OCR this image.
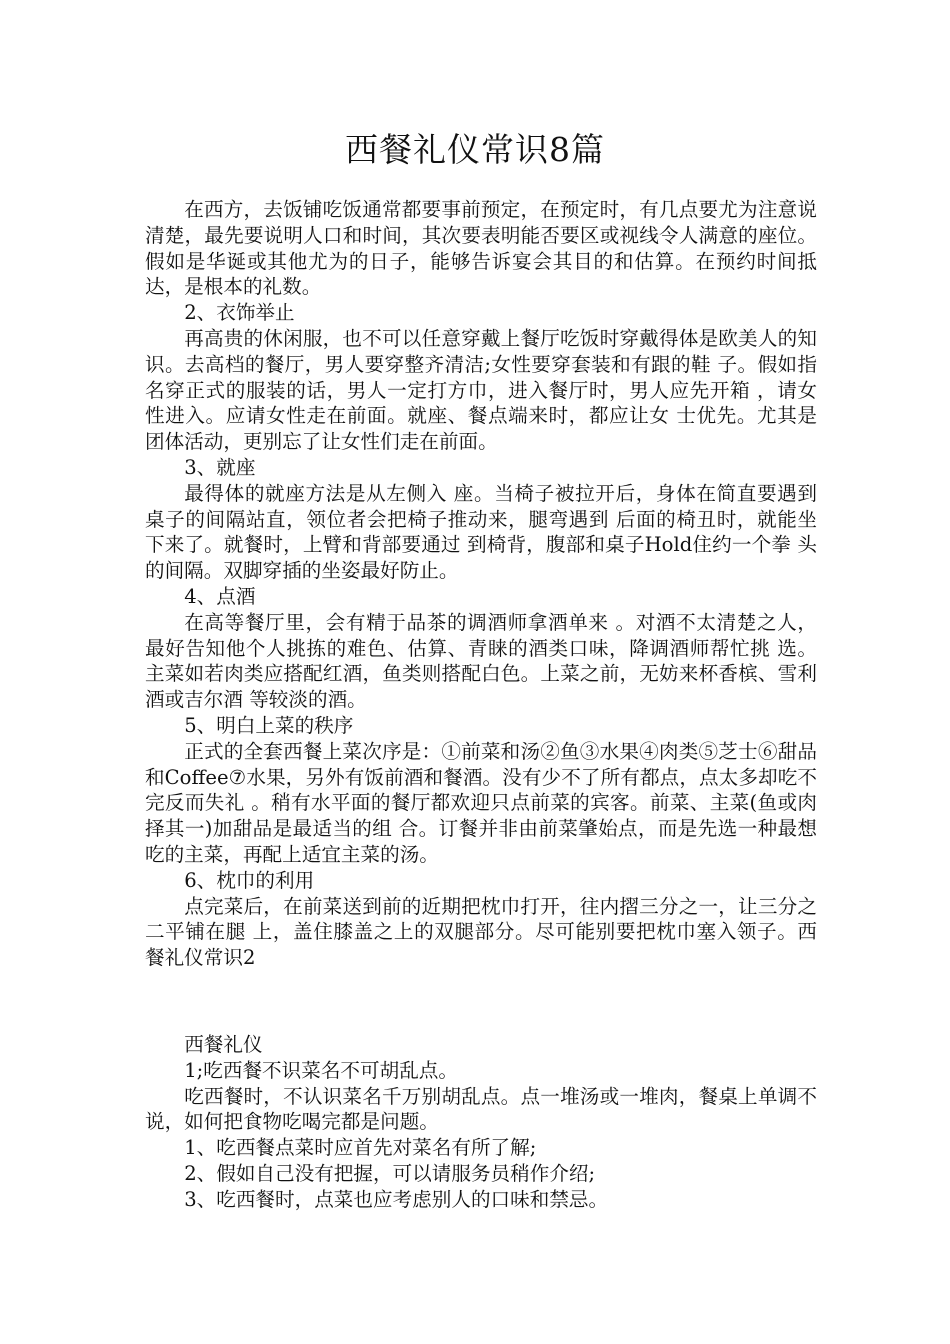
西餐礼仪常识8篇

在西方，去饭铺吃饭通常都要事前预定，在预定时，有几点要尤为注意说清楚，最先要说明人口和时间，其次要表明能否要区或视线令人满意的座位。假如是华诞或其他尤为的日子，能够告诉宴会其目的和估算。在预约时间抵达，是根本的礼数。

2、衣饰举止

再高贵的休闲服，也不可以任意穿戴上餐厅吃饭时穿戴得体是欧美人的知识。去高档的餐厅，男人要穿整齐清洁;女性要穿套装和有跟的鞋 子。假如指名穿正式的服装的话，男人一定打方巾，进入餐厅时，男人应先开箱 ，请女性进入。应请女性走在前面。就座、餐点端来时，都应让女 士优先。尤其是团体活动，更别忘了让女性们走在前面。

3、就座

最得体的就座方法是从左侧入 座。当椅子被拉开后，身体在简直要遇到桌子的间隔站直，领位者会把椅子推动来，腿弯遇到 后面的椅丑时，就能坐下来了。就餐时，上臂和背部要通过 到椅背，腹部和桌子Hold住约一个拳 头的间隔。双脚穿插的坐姿最好防止。

4、点酒

在高等餐厅里，会有精于品茶的调酒师拿酒单来 。对酒不太清楚之人，最好告知他个人挑拣的难色、估算、青睐的酒类口味，降调酒师帮忙挑 选。主菜如若肉类应搭配红酒，鱼类则搭配白色。上菜之前，无妨来杯香槟、雪利酒或吉尔酒 等较淡的酒。

5、明白上菜的秩序

正式的全套西餐上菜次序是：①前菜和汤②鱼③水果④肉类⑤芝士⑥甜品和Coffee⑦水果，另外有饭前酒和餐酒。没有少不了所有都点，点太多却吃不完反而失礼 。稍有水平面的餐厅都欢迎只点前菜的宾客。前菜、主菜(鱼或肉择其一)加甜品是最适当的组 合。订餐并非由前菜肇始点，而是先选一种最想吃的主菜，再配上适宜主菜的汤。

6、枕巾的利用

点完菜后，在前菜送到前的近期把枕巾打开，往内摺三分之一，让三分之二平铺在腿 上，盖住膝盖之上的双腿部分。尽可能别要把枕巾塞入领子。西餐礼仪常识2

西餐礼仪

1;吃西餐不识菜名不可胡乱点。

吃西餐时，不认识菜名千万别胡乱点。点一堆汤或一堆肉，餐桌上单调不说，如何把食物吃喝完都是问题。

1、吃西餐点菜时应首先对菜名有所了解;

2、假如自己没有把握，可以请服务员稍作介绍;

3、吃西餐时，点菜也应考虑别人的口味和禁忌。
